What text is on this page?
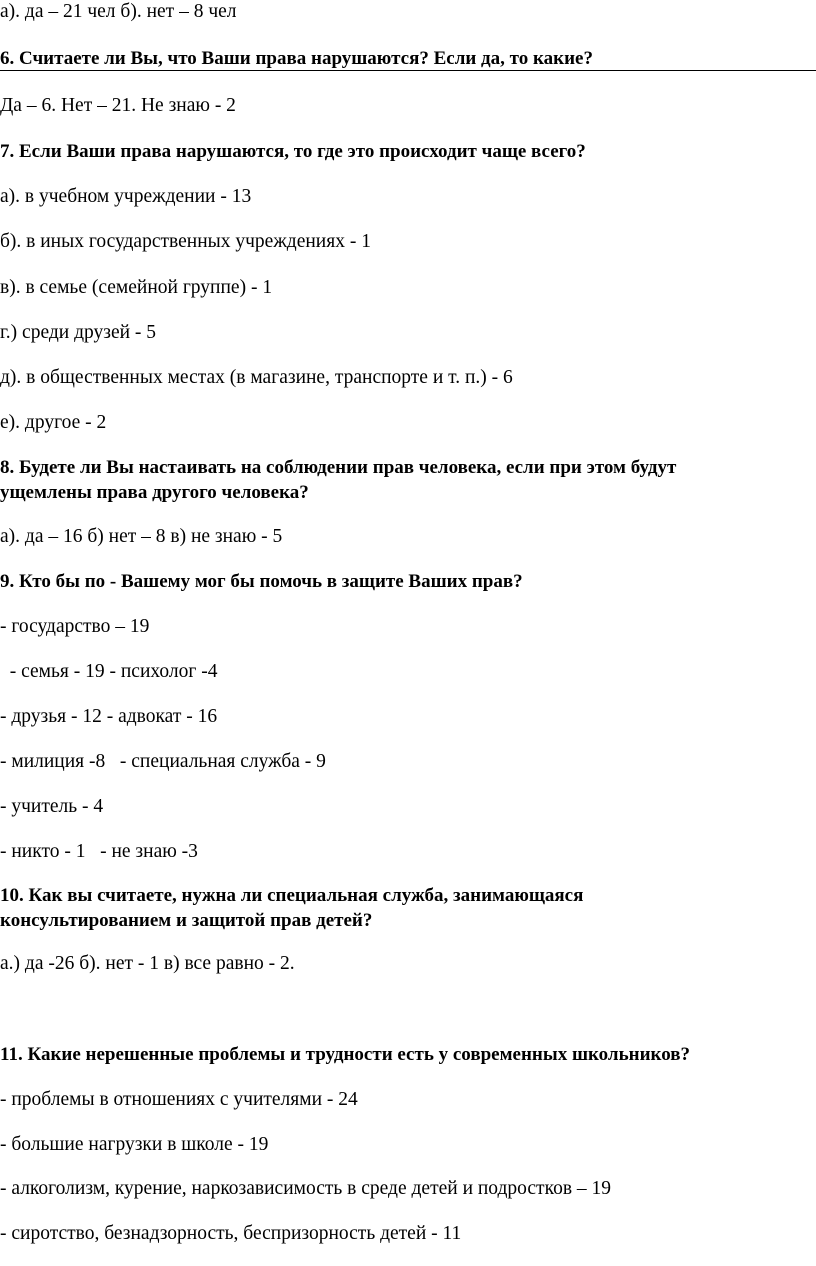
а). да – 21 чел б). нет – 8 чел
6. Считаете ли Вы, что Ваши права нарушаются? Если да, то какие?
Да – 6. Нет – 21. Не знаю - 2
7. Если Ваши права нарушаются, то где это происходит чаще всего?
а). в учебном учреждении - 13
б). в иных государственных учреждениях - 1
в). в семье (семейной группе) - 1
г.) среди друзей - 5
д). в общественных местах (в магазине, транспорте и т. п.) - 6
е). другое - 2
8. Будете ли Вы настаивать на соблюдении прав человека, если при этом будут
ущемлены права другого человека?
а). да – 16 б) нет – 8 в) не знаю - 5
9. Кто бы по - Вашему мог бы помочь в защите Ваших прав?
- государство – 19
- семья - 19 - психолог -4
- друзья - 12 - адвокат - 16
- милиция -8   - специальная служба - 9
- учитель - 4
- никто - 1   - не знаю -3
10. Как вы считаете, нужна ли специальная служба, занимающаяся
консультированием и защитой прав детей?
а.) да -26 б). нет - 1 в) все равно - 2.
11. Какие нерешенные проблемы и трудности есть у современных школьников?
- проблемы в отношениях с учителями - 24
- большие нагрузки в школе - 19
- алкоголизм, курение, наркозависимость в среде детей и подростков – 19
- сиротство, безнадзорность, беспризорность детей - 11
